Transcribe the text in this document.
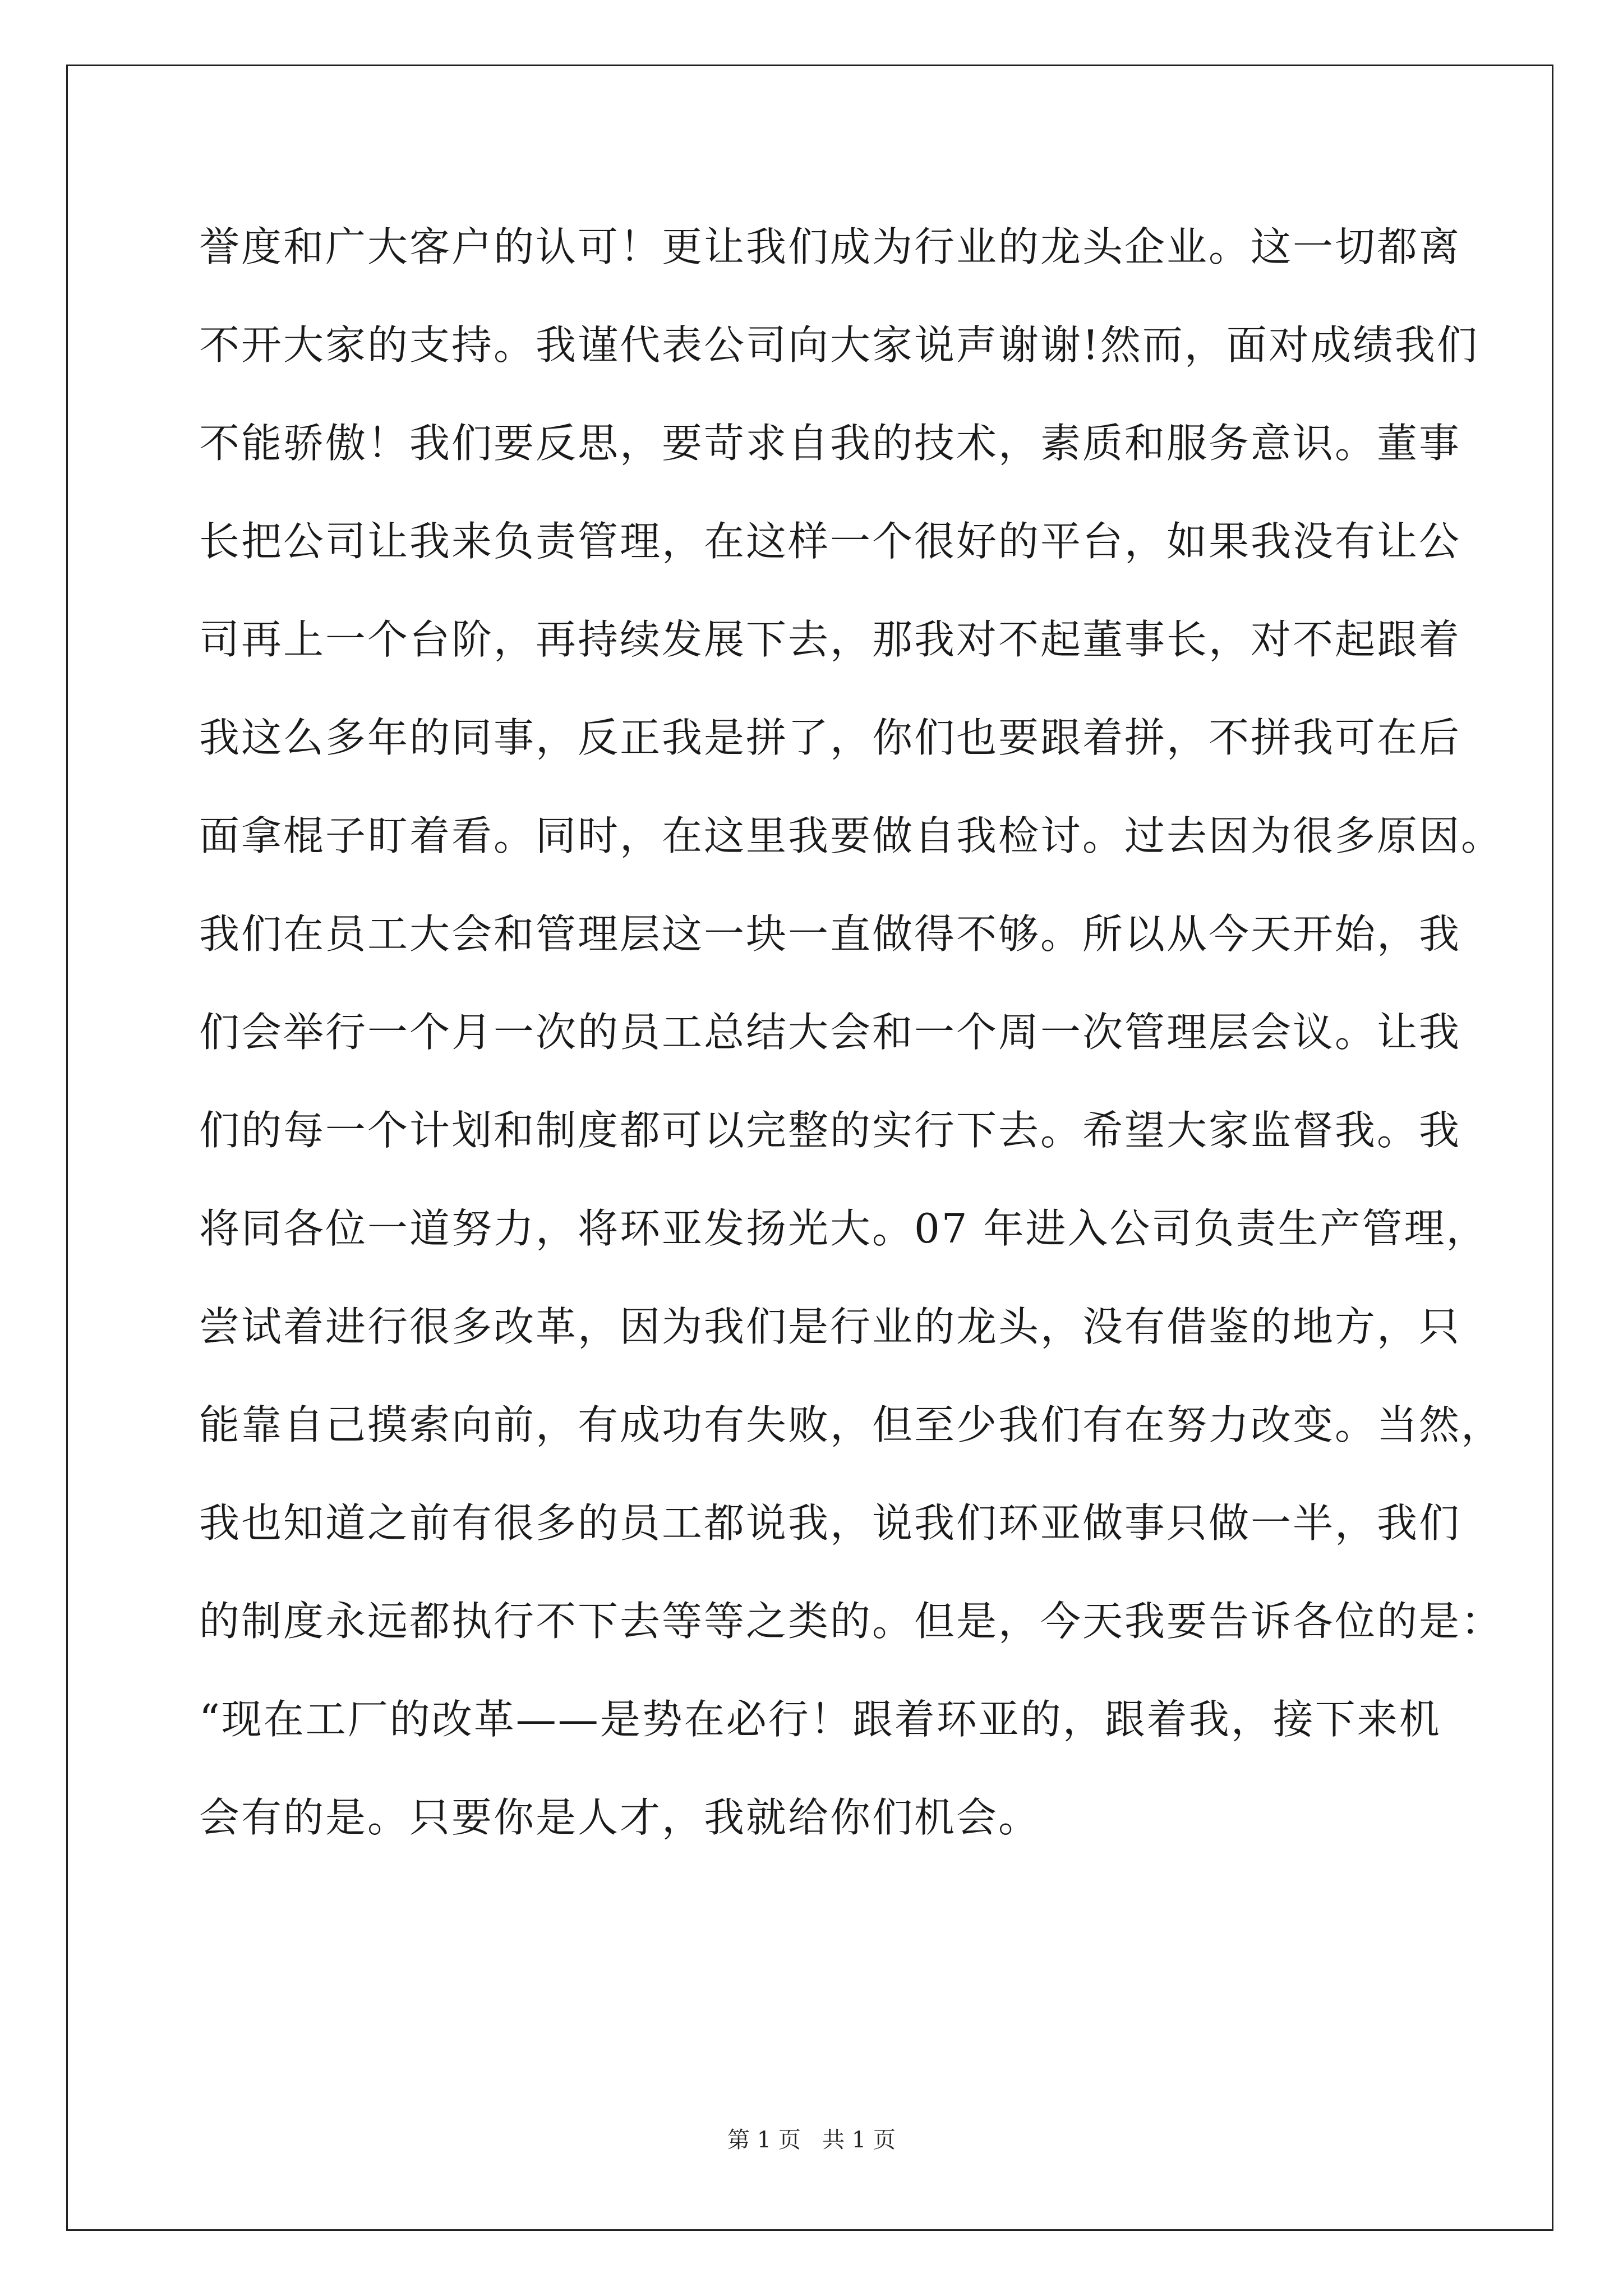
誉度和广大客户的认可！更让我们成为行业的龙头企业。这一切都离
不开大家的支持。我谨代表公司向大家说声谢谢!然而，面对成绩我们
不能骄傲！我们要反思，要苛求自我的技术，素质和服务意识。董事
长把公司让我来负责管理，在这样一个很好的平台，如果我没有让公
司再上一个台阶，再持续发展下去，那我对不起董事长，对不起跟着
我这么多年的同事，反正我是拼了，你们也要跟着拼，不拼我可在后
面拿棍子盯着看。同时，在这里我要做自我检讨。过去因为很多原因。
我们在员工大会和管理层这一块一直做得不够。所以从今天开始，我
们会举行一个月一次的员工总结大会和一个周一次管理层会议。让我
们的每一个计划和制度都可以完整的实行下去。希望大家监督我。我
将同各位一道努力，将环亚发扬光大。07 年进入公司负责生产管理，
尝试着进行很多改革，因为我们是行业的龙头，没有借鉴的地方，只
能靠自己摸索向前，有成功有失败，但至少我们有在努力改变。当然，
我也知道之前有很多的员工都说我，说我们环亚做事只做一半，我们
的制度永远都执行不下去等等之类的。但是，今天我要告诉各位的是：
“现在工厂的改革——是势在必行！跟着环亚的，跟着我，接下来机
会有的是。只要你是人才，我就给你们机会。
第 1 页   共 1 页
